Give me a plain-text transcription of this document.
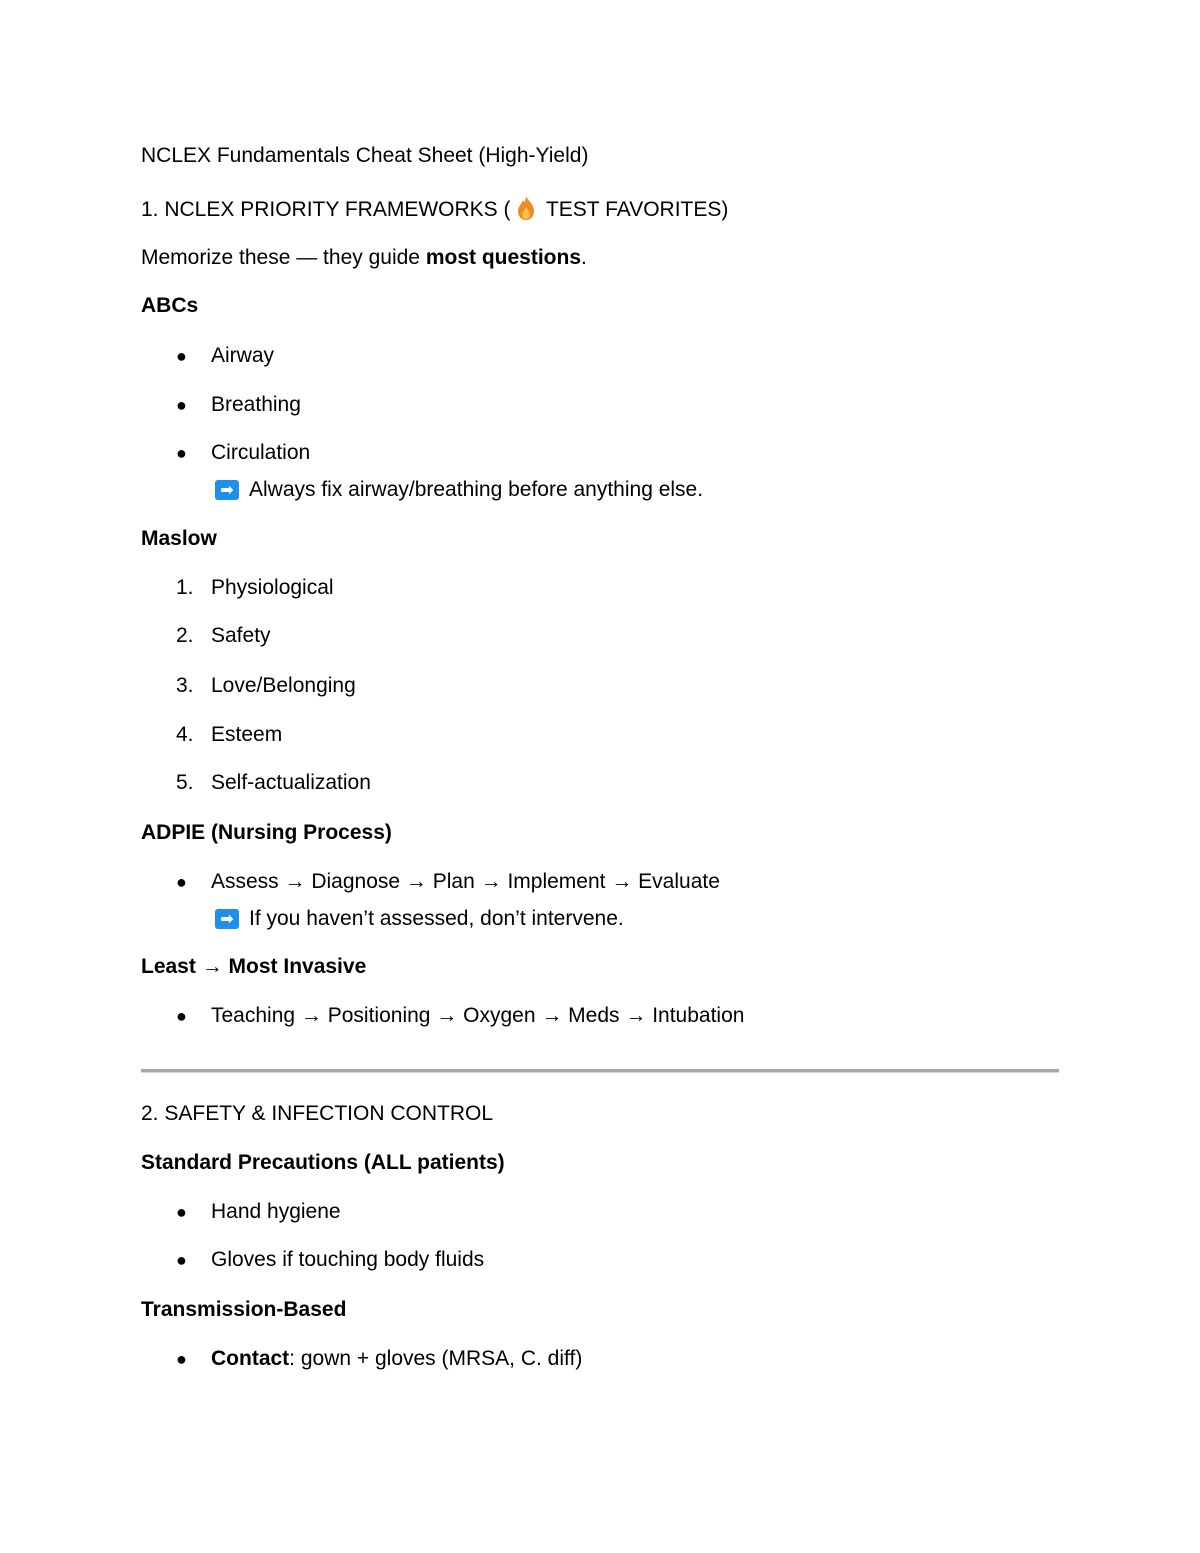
NCLEX Fundamentals Cheat Sheet (High-Yield)
1. NCLEX PRIORITY FRAMEWORKS ( TEST FAVORITES)
Memorize these — they guide most questions.
ABCs
● Airway
● Breathing
● Circulation
➡ Always fix airway/breathing before anything else.
Maslow
1. Physiological
2. Safety
3. Love/Belonging
4. Esteem
5. Self-actualization
ADPIE (Nursing Process)
● Assess → Diagnose → Plan → Implement → Evaluate
➡ If you haven’t assessed, don’t intervene.
Least → Most Invasive
● Teaching → Positioning → Oxygen → Meds → Intubation
2. SAFETY & INFECTION CONTROL
Standard Precautions (ALL patients)
● Hand hygiene
● Gloves if touching body fluids
Transmission-Based
● Contact: gown + gloves (MRSA, C. diff)
